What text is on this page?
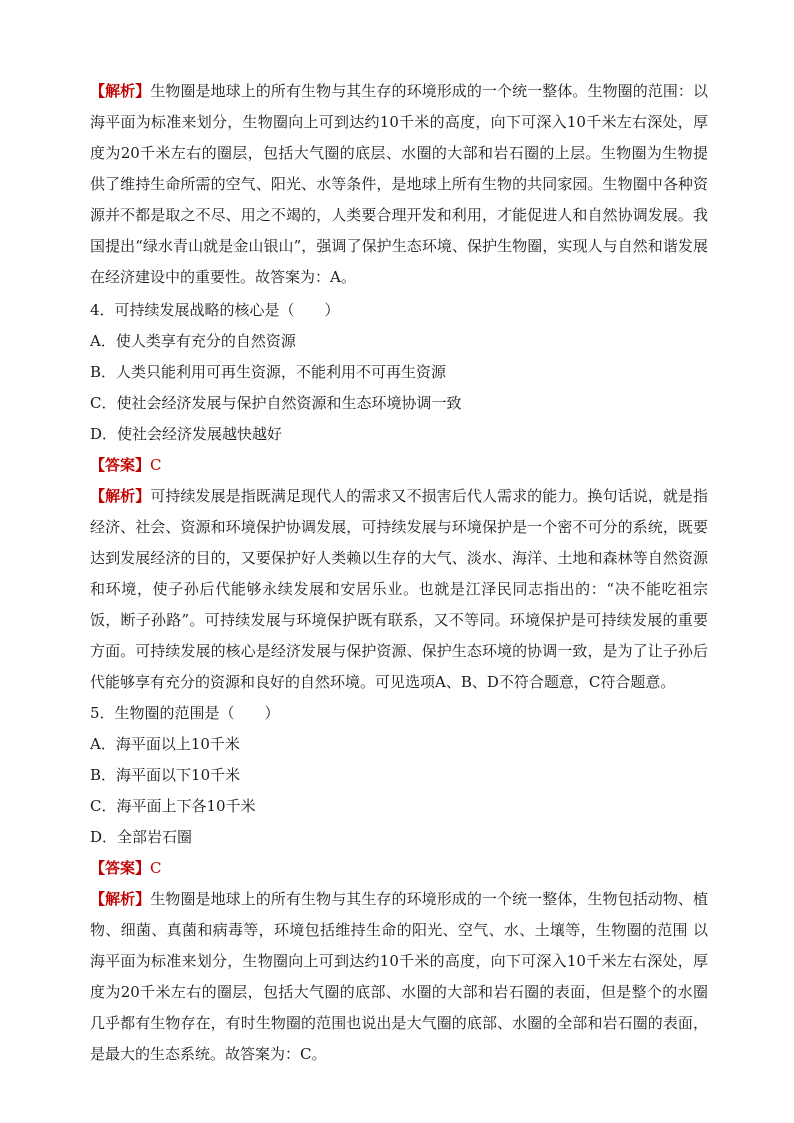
【解析】生物圈是地球上的所有生物与其生存的环境形成的一个统一整体。生物圈的范围：以海平面为标准来划分，生物圈向上可到达约10千米的高度，向下可深入10千米左右深处，厚度为20千米左右的圈层，包括大气圈的底层、水圈的大部和岩石圈的上层。生物圈为生物提供了维持生命所需的空气、阳光、水等条件，是地球上所有生物的共同家园。生物圈中各种资源并不都是取之不尽、用之不竭的，人类要合理开发和利用，才能促进人和自然协调发展。我国提出“绿水青山就是金山银山”，强调了保护生态环境、保护生物圈，实现人与自然和谐发展在经济建设中的重要性。故答案为：A。

4．可持续发展战略的核心是（　　）

A．使人类享有充分的自然资源

B．人类只能利用可再生资源，不能利用不可再生资源

C．使社会经济发展与保护自然资源和生态环境协调一致

D．使社会经济发展越快越好

【答案】C

【解析】可持续发展是指既满足现代人的需求又不损害后代人需求的能力。换句话说，就是指经济、社会、资源和环境保护协调发展，可持续发展与环境保护是一个密不可分的系统，既要达到发展经济的目的，又要保护好人类赖以生存的大气、淡水、海洋、土地和森林等自然资源和环境，使子孙后代能够永续发展和安居乐业。也就是江泽民同志指出的：“决不能吃祖宗饭，断子孙路”。可持续发展与环境保护既有联系，又不等同。环境保护是可持续发展的重要方面。可持续发展的核心是经济发展与保护资源、保护生态环境的协调一致，是为了让子孙后代能够享有充分的资源和良好的自然环境。可见选项A、B、D不符合题意，C符合题意。

5．生物圈的范围是（　　）

A．海平面以上10千米

B．海平面以下10千米

C．海平面上下各10千米

D．全部岩石圈

【答案】C

【解析】生物圈是地球上的所有生物与其生存的环境形成的一个统一整体，生物包括动物、植物、细菌、真菌和病毒等，环境包括维持生命的阳光、空气、水、土壤等，生物圈的范围 以海平面为标准来划分，生物圈向上可到达约10千米的高度，向下可深入10千米左右深处，厚度为20千米左右的圈层，包括大气圈的底部、水圈的大部和岩石圈的表面，但是整个的水圈几乎都有生物存在，有时生物圈的范围也说出是大气圈的底部、水圈的全部和岩石圈的表面，是最大的生态系统。故答案为：C。
